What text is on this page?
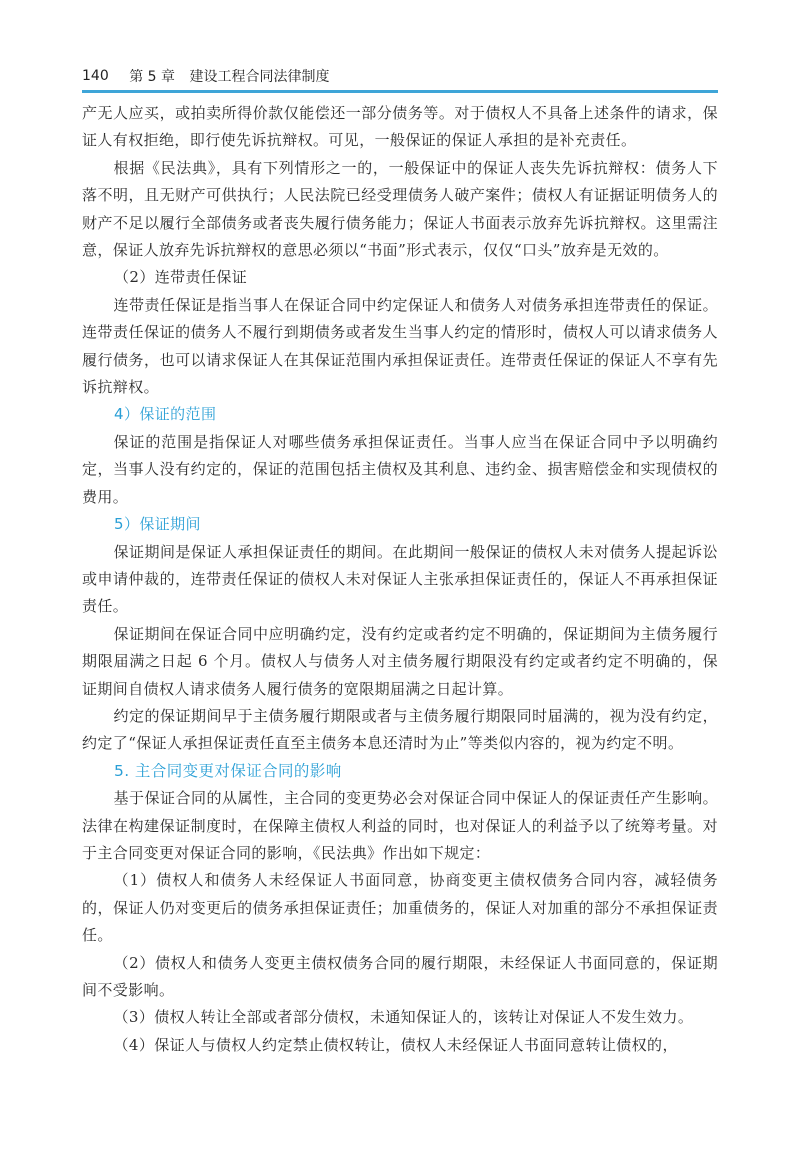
140 第 5 章 建设工程合同法律制度

产无人应买，或拍卖所得价款仅能偿还一部分债务等。对于债权人不具备上述条件的请求，保证人有权拒绝，即行使先诉抗辩权。可见，一般保证的保证人承担的是补充责任。

根据《民法典》，具有下列情形之一的，一般保证中的保证人丧失先诉抗辩权：债务人下落不明，且无财产可供执行；人民法院已经受理债务人破产案件；债权人有证据证明债务人的财产不足以履行全部债务或者丧失履行债务能力；保证人书面表示放弃先诉抗辩权。这里需注意，保证人放弃先诉抗辩权的意思必须以“书面”形式表示，仅仅“口头”放弃是无效的。

（2）连带责任保证

连带责任保证是指当事人在保证合同中约定保证人和债务人对债务承担连带责任的保证。连带责任保证的债务人不履行到期债务或者发生当事人约定的情形时，债权人可以请求债务人履行债务，也可以请求保证人在其保证范围内承担保证责任。连带责任保证的保证人不享有先诉抗辩权。

4）保证的范围

保证的范围是指保证人对哪些债务承担保证责任。当事人应当在保证合同中予以明确约定，当事人没有约定的，保证的范围包括主债权及其利息、违约金、损害赔偿金和实现债权的费用。

5）保证期间

保证期间是保证人承担保证责任的期间。在此期间一般保证的债权人未对债务人提起诉讼或申请仲裁的，连带责任保证的债权人未对保证人主张承担保证责任的，保证人不再承担保证责任。

保证期间在保证合同中应明确约定，没有约定或者约定不明确的，保证期间为主债务履行期限届满之日起 6 个月。债权人与债务人对主债务履行期限没有约定或者约定不明确的，保证期间自债权人请求债务人履行债务的宽限期届满之日起计算。

约定的保证期间早于主债务履行期限或者与主债务履行期限同时届满的，视为没有约定，约定了“保证人承担保证责任直至主债务本息还清时为止”等类似内容的，视为约定不明。

5. 主合同变更对保证合同的影响

基于保证合同的从属性，主合同的变更势必会对保证合同中保证人的保证责任产生影响。法律在构建保证制度时，在保障主债权人利益的同时，也对保证人的利益予以了统筹考量。对于主合同变更对保证合同的影响，《民法典》作出如下规定：

（1）债权人和债务人未经保证人书面同意，协商变更主债权债务合同内容，减轻债务的，保证人仍对变更后的债务承担保证责任；加重债务的，保证人对加重的部分不承担保证责任。

（2）债权人和债务人变更主债权债务合同的履行期限，未经保证人书面同意的，保证期间不受影响。

（3）债权人转让全部或者部分债权，未通知保证人的，该转让对保证人不发生效力。

（4）保证人与债权人约定禁止债权转让，债权人未经保证人书面同意转让债权的，
